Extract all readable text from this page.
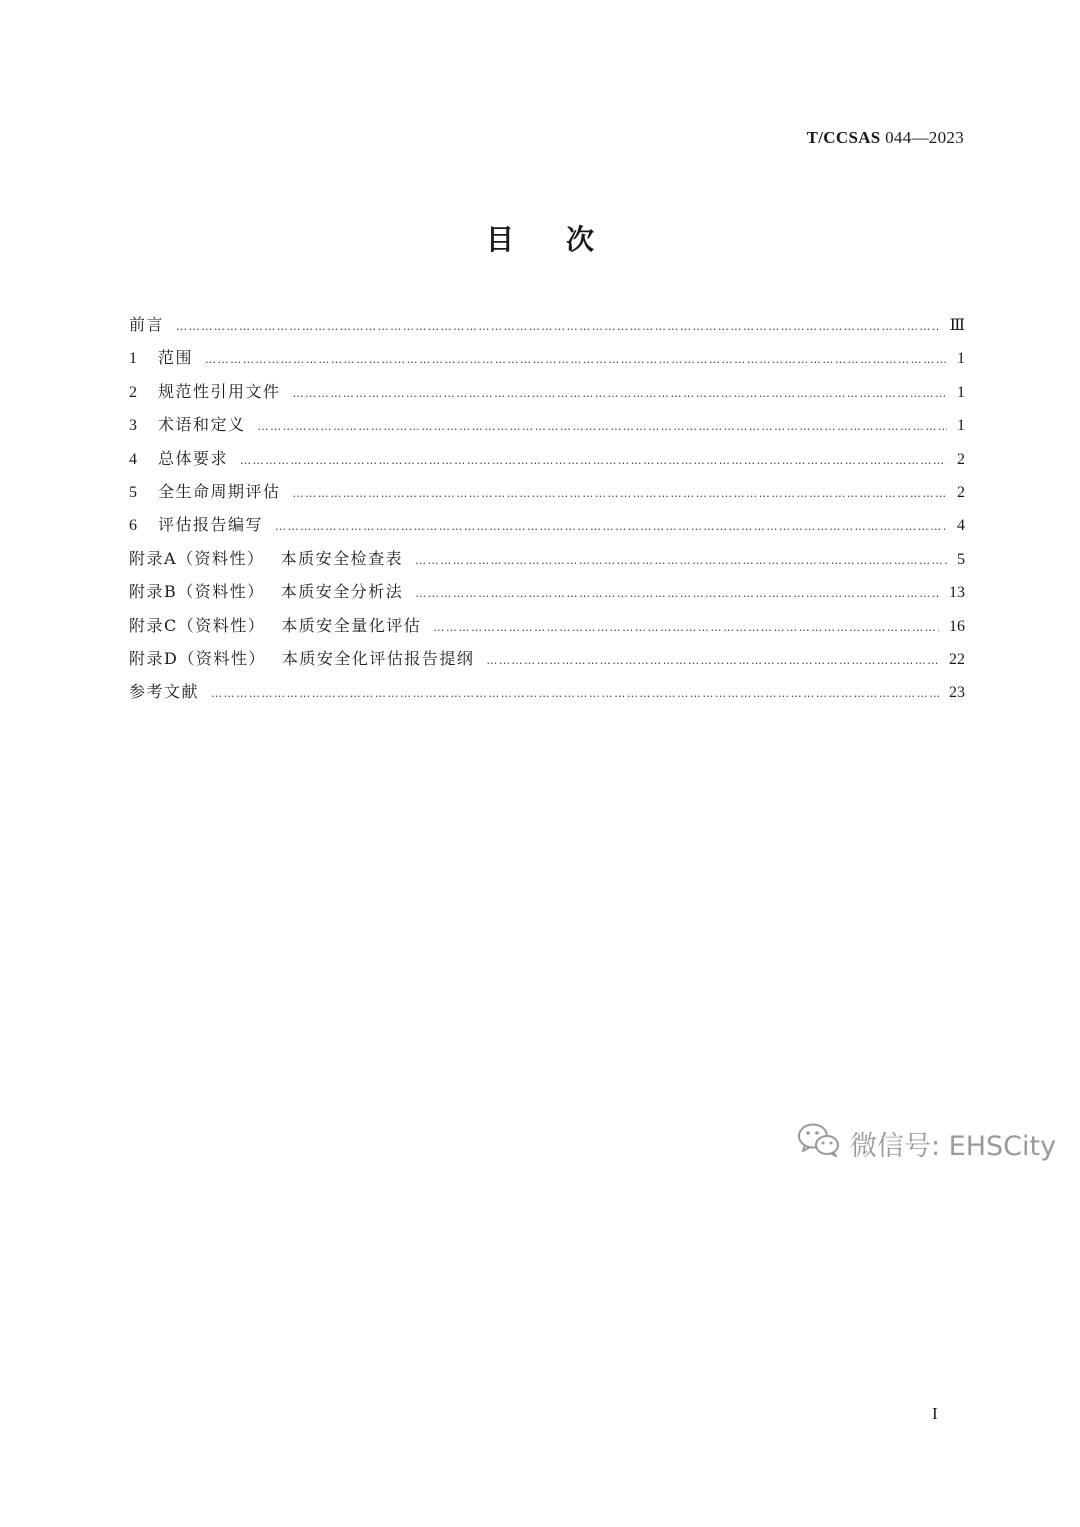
T/CCSAS 044—2023
目次
前言 ……………………………………………………………………………………………………………………………………………………………………………………………………………………………………	Ⅲ
1	范围 ……………………………………………………………………………………………………………………………………………………………………………………………………………………………………	1
2	规范性引用文件 ……………………………………………………………………………………………………………………………………………………………………………………………………………………………………	1
3	术语和定义 ……………………………………………………………………………………………………………………………………………………………………………………………………………………………………	1
4	总体要求 ……………………………………………………………………………………………………………………………………………………………………………………………………………………………………	2
5	全生命周期评估 ……………………………………………………………………………………………………………………………………………………………………………………………………………………………………	2
6	评估报告编写 ……………………………………………………………………………………………………………………………………………………………………………………………………………………………………	4
附录A（资料性） 本质安全检查表 ……………………………………………………………………………………………………………………………………………………………………………………………………………………………………	5
附录B（资料性） 本质安全分析法 ……………………………………………………………………………………………………………………………………………………………………………………………………………………………………	13
附录C（资料性） 本质安全量化评估 ……………………………………………………………………………………………………………………………………………………………………………………………………………………………………	16
附录D（资料性） 本质安全化评估报告提纲 ……………………………………………………………………………………………………………………………………………………………………………………………………………………………………	22
参考文献 ……………………………………………………………………………………………………………………………………………………………………………………………………………………………………	23
I
微信号: EHSCity
